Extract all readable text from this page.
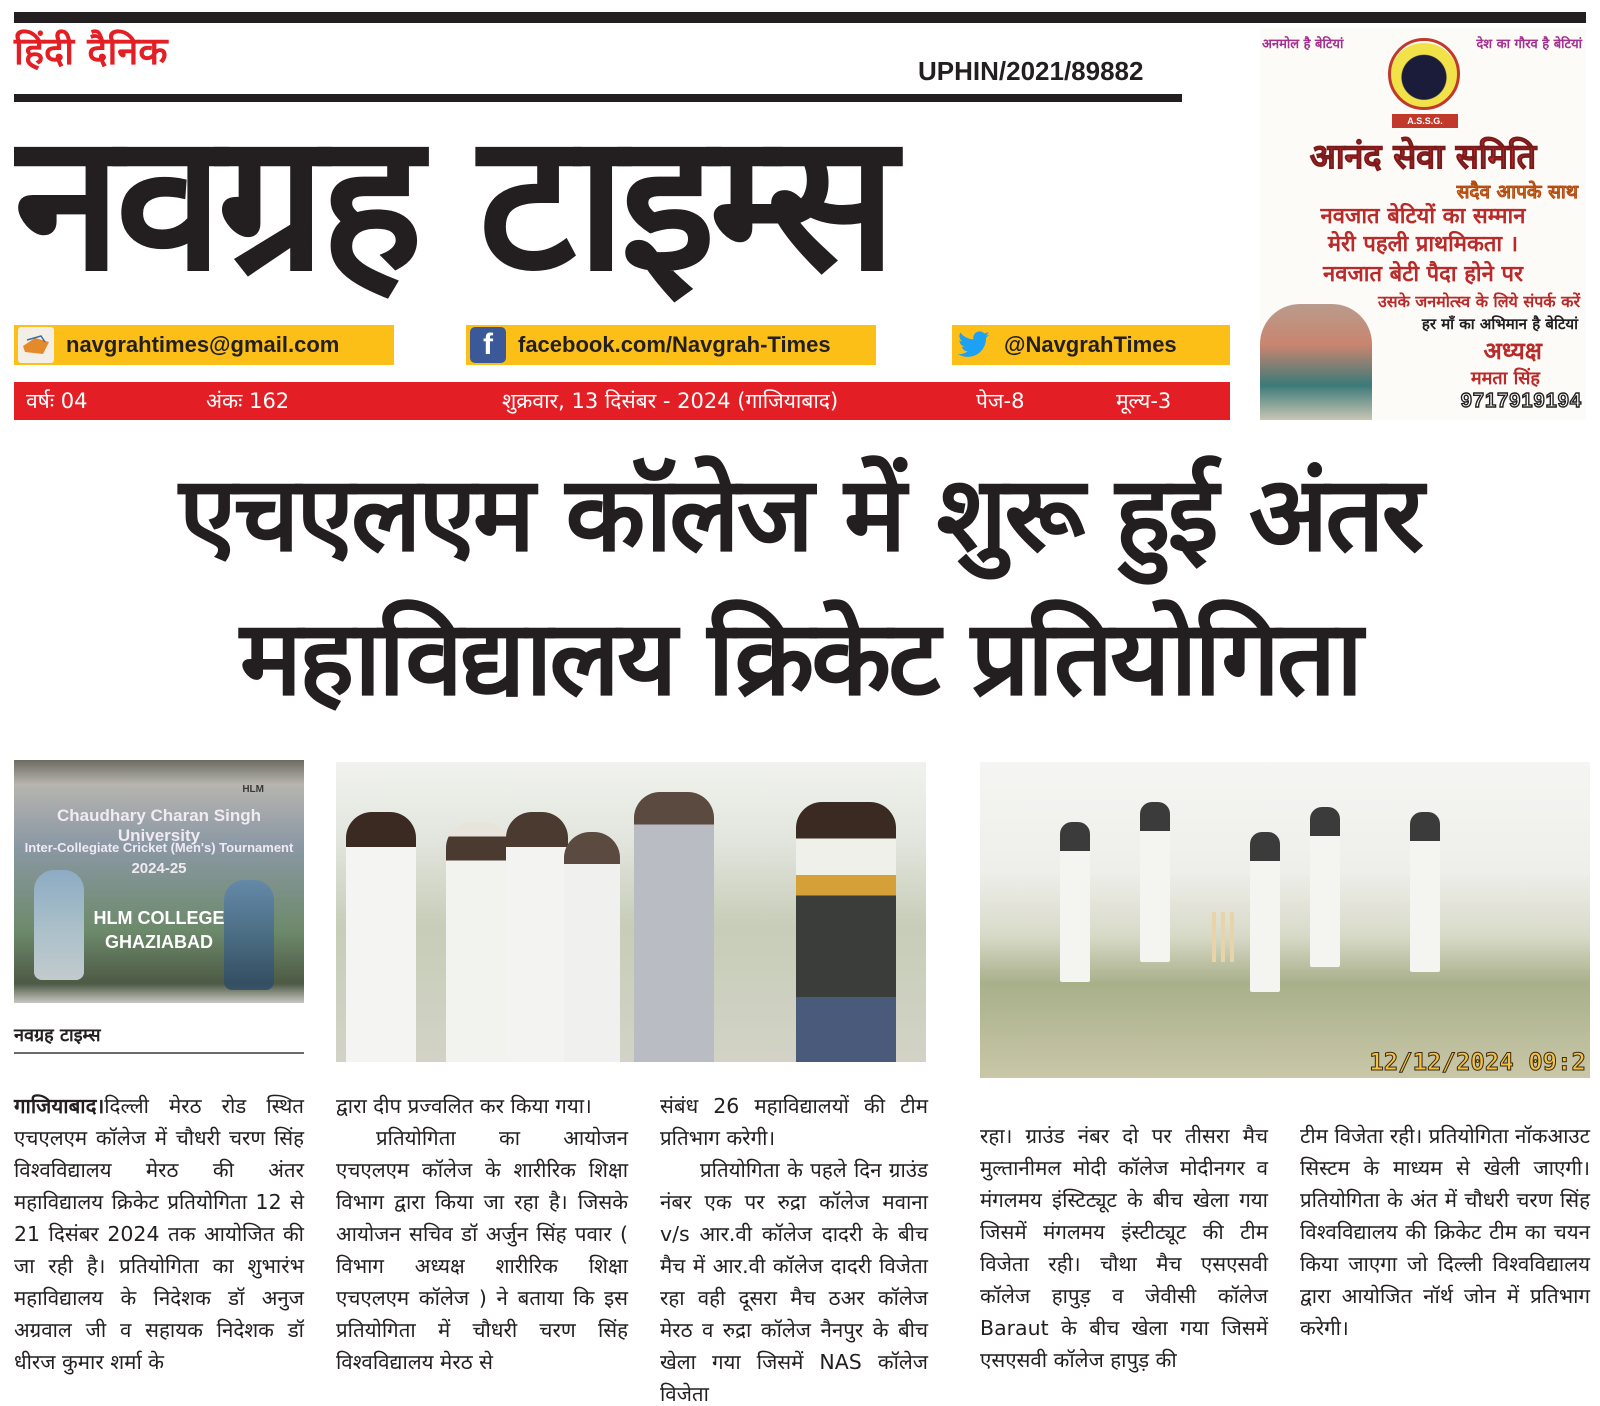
हिंदी दैनिक	UPHIN/2021/89882
नवग्रह टाइम्स
navgrahtimes@gmail.com	f	facebook.com/Navgrah-Times	@NavgrahTimes
वर्षः 04	अंकः 162	शुक्रवार, 13 दिसंबर - 2024 (गाजियाबाद)	पेज-8	मूल्य-3
अनमोल है बेटियां	देश का गौरव है बेटियां
A.S.S.G.
आनंद सेवा समिति
सदैव आपके साथ
नवजात बेटियों का सम्मान
मेरी पहली प्राथमिकता ।
नवजात बेटी पैदा होने पर
उसके जनमोत्स्व के लिये संपर्क करें
हर माँ का अभिमान है बेटियां
अध्यक्ष
ममता सिंह
9717919194
एचएलएम कॉलेज में शुरू हुई अंतर
महाविद्यालय क्रिकेट प्रतियोगिता
HLM
Chaudhary Charan Singh University
Inter-Collegiate Cricket (Men's) Tournament
2024-25
HLM COLLEGE
GHAZIABAD
नवग्रह टाइम्स
12/12/2024 09:2

गाजियाबाद।दिल्ली मेरठ रोड स्थित एचएलएम कॉलेज में चौधरी चरण सिंह विश्वविद्यालय मेरठ की अंतर महाविद्यालय क्रिकेट प्रतियोगिता 12 से 21 दिसंबर 2024 तक आयोजित की जा रही है। प्रतियोगिता का शुभारंभ महाविद्यालय के निदेशक डॉ अनुज अग्रवाल जी व सहायक निदेशक डॉ धीरज कुमार शर्मा के

द्वारा दीप प्रज्वलित कर किया गया।

प्रतियोगिता का आयोजन एचएलएम कॉलेज के शारीरिक शिक्षा विभाग द्वारा किया जा रहा है। जिसके आयोजन सचिव डॉ अर्जुन सिंह पवार ( विभाग अध्यक्ष शारीरिक शिक्षा एचएलएम कॉलेज ) ने बताया कि इस प्रतियोगिता में चौधरी चरण सिंह विश्वविद्यालय मेरठ से

संबंध 26 महाविद्यालयों की टीम प्रतिभाग करेगी।

प्रतियोगिता के पहले दिन ग्राउंड नंबर एक पर रुद्रा कॉलेज मवाना v/s आर.वी कॉलेज दादरी के बीच मैच में आर.वी कॉलेज दादरी विजेता रहा वही दूसरा मैच ठअर कॉलेज मेरठ व रुद्रा कॉलेज नैनपुर के बीच खेला गया जिसमें NAS कॉलेज विजेता

रहा। ग्राउंड नंबर दो पर तीसरा मैच मुल्तानीमल मोदी कॉलेज मोदीनगर व मंगलमय इंस्टिट्यूट के बीच खेला गया जिसमें मंगलमय इंस्टीट्यूट की टीम विजेता रही। चौथा मैच एसएसवी कॉलेज हापुड़ व जेवीसी कॉलेज Baraut के बीच खेला गया जिसमें एसएसवी कॉलेज हापुड़ की

टीम विजेता रही। प्रतियोगिता नॉकआउट सिस्टम के माध्यम से खेली जाएगी। प्रतियोगिता के अंत में चौधरी चरण सिंह विश्वविद्यालय की क्रिकेट टीम का चयन किया जाएगा जो दिल्ली विश्वविद्यालय द्वारा आयोजित नॉर्थ जोन में प्रतिभाग करेगी।
